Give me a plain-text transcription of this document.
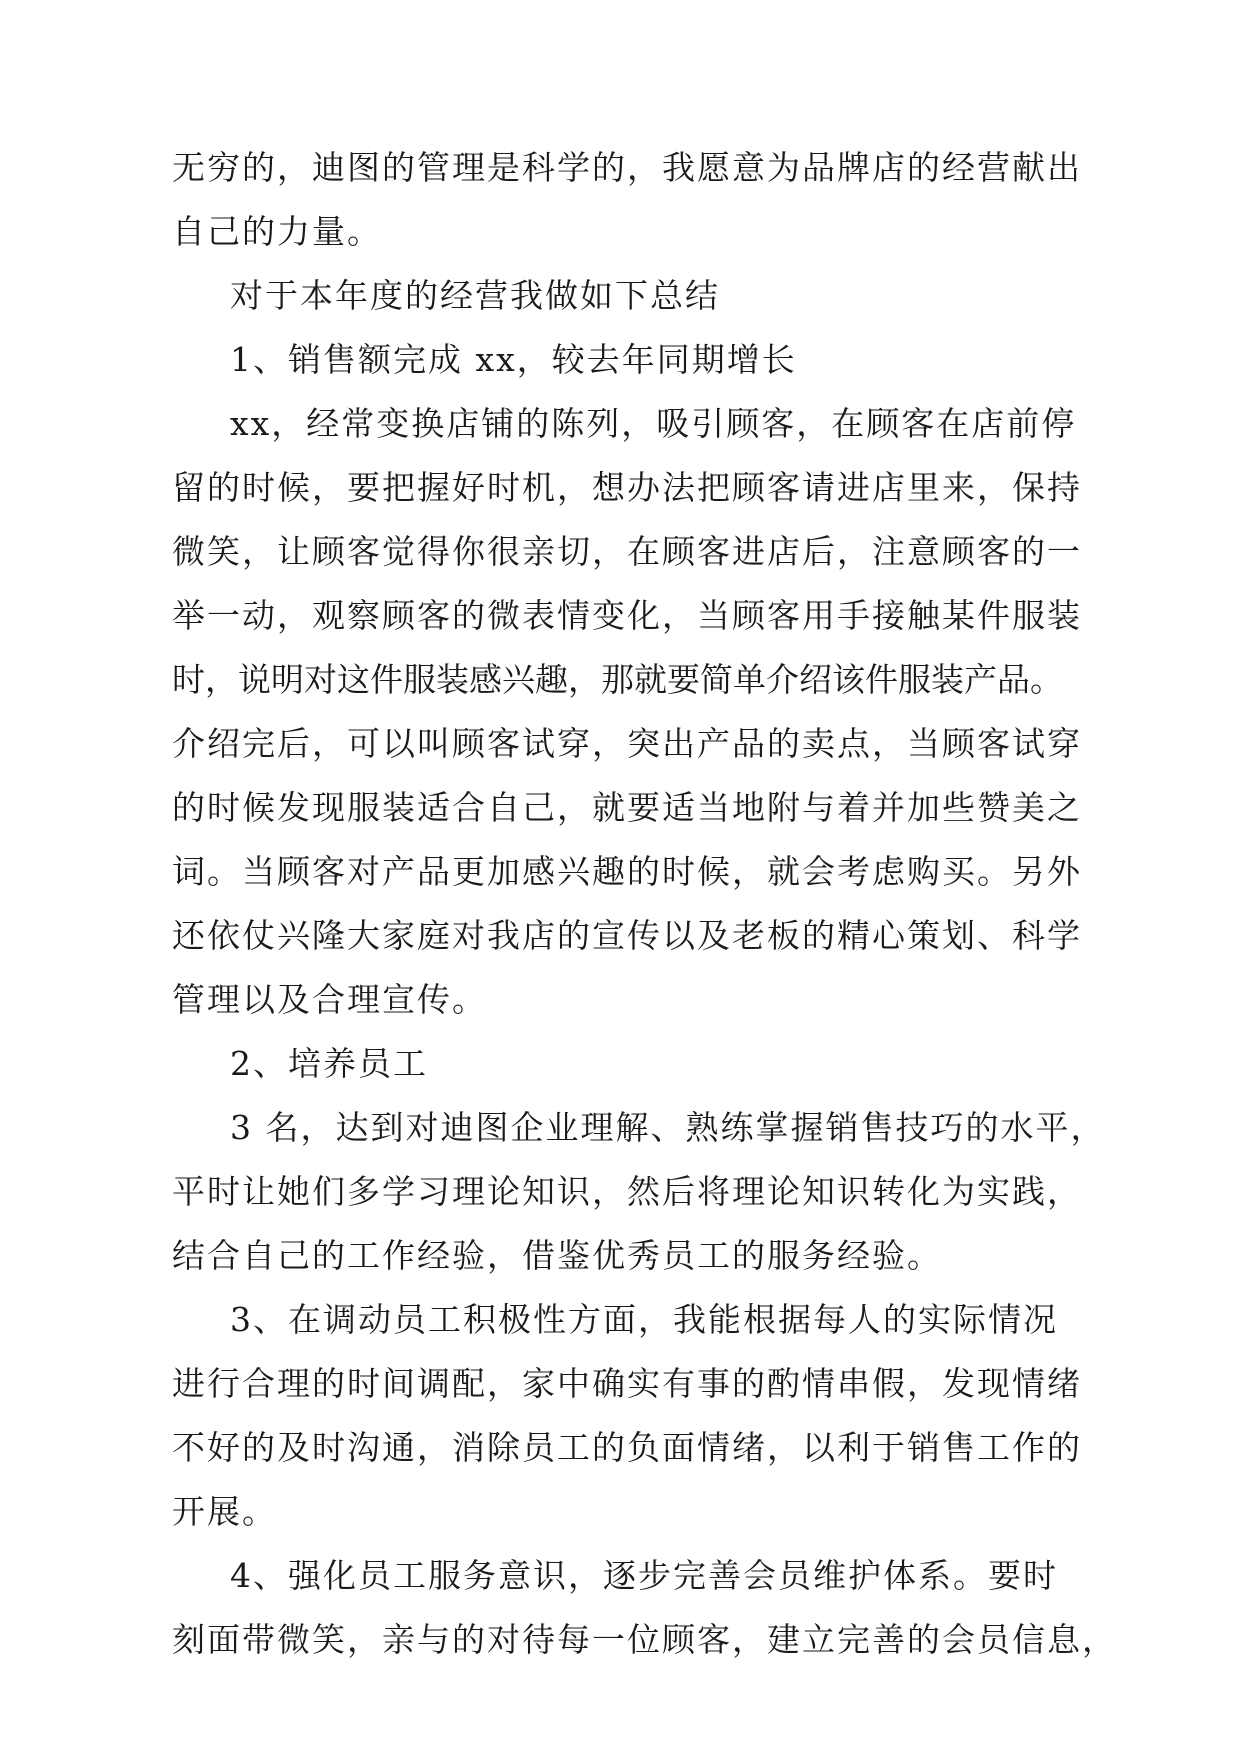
无穷的，迪图的管理是科学的，我愿意为品牌店的经营献出

自己的力量。

对于本年度的经营我做如下总结

1、销售额完成 xx，较去年同期增长

xx，经常变换店铺的陈列，吸引顾客，在顾客在店前停

留的时候，要把握好时机，想办法把顾客请进店里来，保持

微笑，让顾客觉得你很亲切，在顾客进店后，注意顾客的一

举一动，观察顾客的微表情变化，当顾客用手接触某件服装

时，说明对这件服装感兴趣，那就要简单介绍该件服装产品。

介绍完后，可以叫顾客试穿，突出产品的卖点，当顾客试穿

的时候发现服装适合自己，就要适当地附与着并加些赞美之

词。当顾客对产品更加感兴趣的时候，就会考虑购买。另外

还依仗兴隆大家庭对我店的宣传以及老板的精心策划、科学

管理以及合理宣传。

2、培养员工

3 名，达到对迪图企业理解、熟练掌握销售技巧的水平，

平时让她们多学习理论知识，然后将理论知识转化为实践，

结合自己的工作经验，借鉴优秀员工的服务经验。

3、在调动员工积极性方面，我能根据每人的实际情况

进行合理的时间调配，家中确实有事的酌情串假，发现情绪

不好的及时沟通，消除员工的负面情绪，以利于销售工作的

开展。

4、强化员工服务意识，逐步完善会员维护体系。要时

刻面带微笑，亲与的对待每一位顾客，建立完善的会员信息，
